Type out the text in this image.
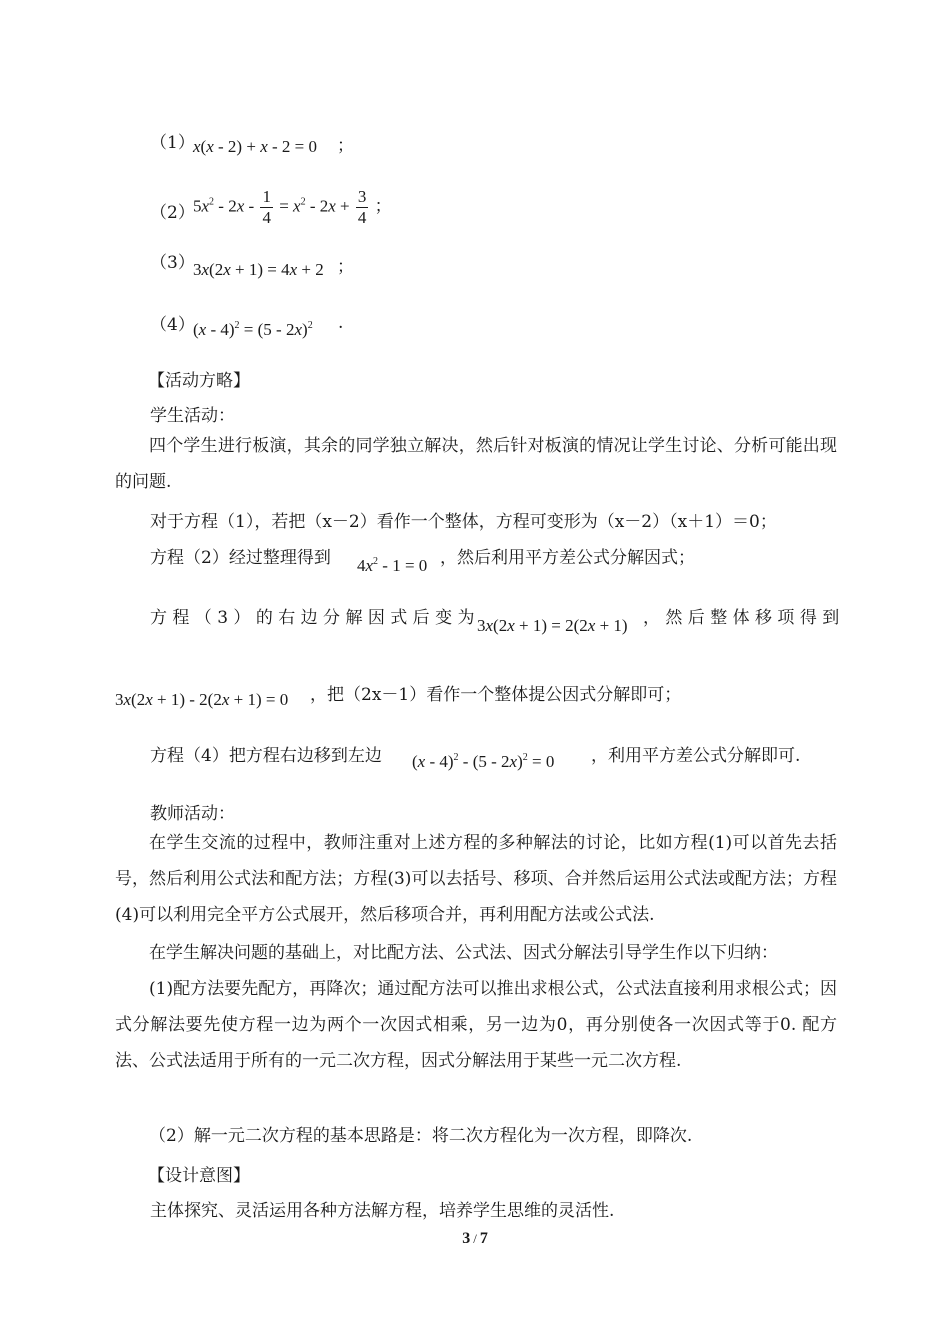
（1）
x(x - 2) + x - 2 = 0 ；
（2）
$5x^2 - 2x - \frac{1}{4} = x^2 - 2x + \frac{3}{4}$ ；
（3）
3x(2x + 1) = 4x + 2 ；
（4）
(x - 4)$^2$ = (5 - 2x)$^2$ .
【活动方略】
学生活动：
四个学生进行板演，其余的同学独立解决，然后针对板演的情况让学生讨论、分析可能出现的问题.
对于方程（1），若把（x－2）看作一个整体，方程可变形为（x－2）（x＋1）＝0；
方程（2）经过整理得到 $4x^2 - 1 = 0$ ，然后利用平方差公式分解因式；
方 程 （ 3 ） 的 右 边 分 解 因 式 后 变 为 3x(2x + 1) = 2(2x + 1) ， 然 后 整 体 移 项 得 到
3x(2x + 1) - 2(2x + 1) = 0 ，把（2x－1）看作一个整体提公因式分解即可；
方程（4）把方程右边移到左边 (x - 4)$^2$ - (5 - 2x)$^2$ = 0 ，利用平方差公式分解即可.
教师活动：
在学生交流的过程中，教师注重对上述方程的多种解法的讨论，比如方程(1)可以首先去括号，然后利用公式法和配方法；方程(3)可以去括号、移项、合并然后运用公式法或配方法；方程(4)可以利用完全平方公式展开，然后移项合并，再利用配方法或公式法.
在学生解决问题的基础上，对比配方法、公式法、因式分解法引导学生作以下归纳：
(1)配方法要先配方，再降次；通过配方法可以推出求根公式，公式法直接利用求根公式；因式分解法要先使方程一边为两个一次因式相乘，另一边为0，再分别使各一次因式等于0. 配方法、公式法适用于所有的一元二次方程，因式分解法用于某些一元二次方程.
（2）解一元二次方程的基本思路是：将二次方程化为一次方程，即降次.
【设计意图】
主体探究、灵活运用各种方法解方程，培养学生思维的灵活性.
3 / 7
